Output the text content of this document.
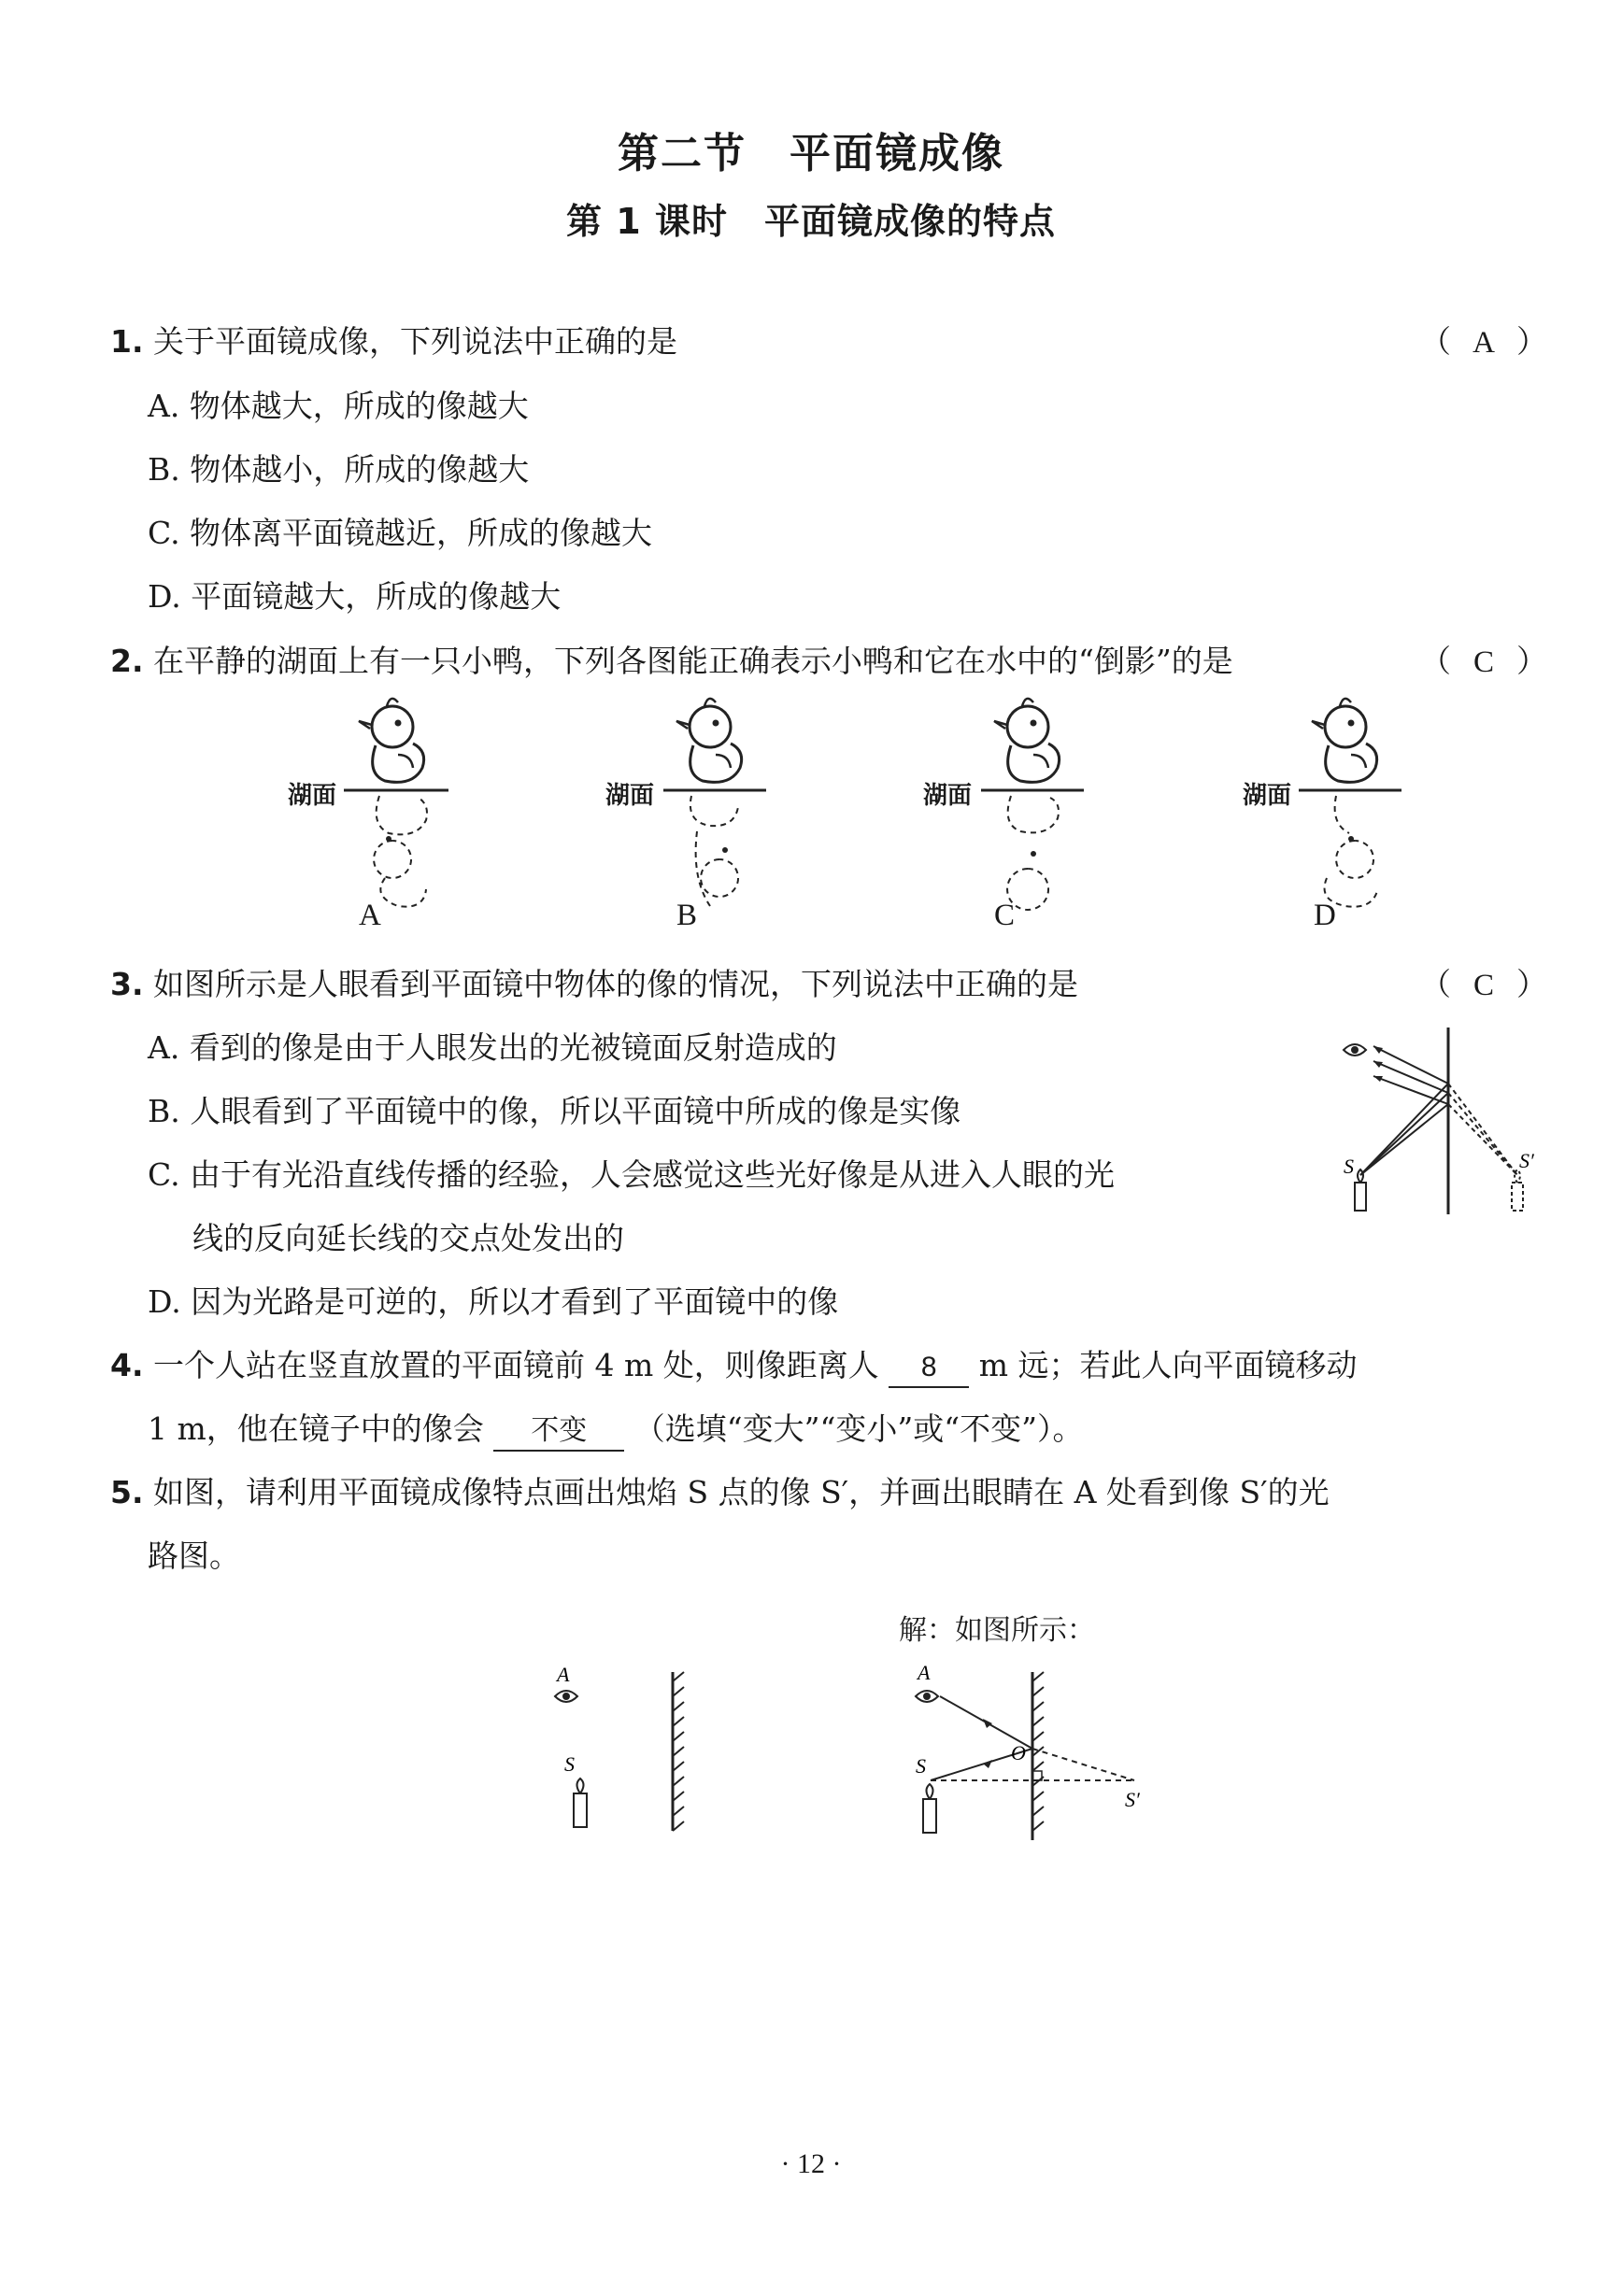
第二节　平面镜成像
第 1 课时　平面镜成像的特点
1. 关于平面镜成像，下列说法中正确的是	（ A ）
A. 物体越大，所成的像越大
B. 物体越小，所成的像越大
C. 物体离平面镜越近，所成的像越大
D. 平面镜越大，所成的像越大
2. 在平静的湖面上有一只小鸭，下列各图能正确表示小鸭和它在水中的“倒影”的是	（ C ）
湖面	湖面	湖面	湖面
A	B	C	D
3. 如图所示是人眼看到平面镜中物体的像的情况，下列说法中正确的是	（ C ）
A. 看到的像是由于人眼发出的光被镜面反射造成的
B. 人眼看到了平面镜中的像，所以平面镜中所成的像是实像
C. 由于有光沿直线传播的经验，人会感觉这些光好像是从进入人眼的光
线的反向延长线的交点处发出的
D. 因为光路是可逆的，所以才看到了平面镜中的像
S	S′
4. 一个人站在竖直放置的平面镜前 4 m 处，则像距离人 8 m 远；若此人向平面镜移动
1 m，他在镜子中的像会 不变 （选填“变大”“变小”或“不变”）。
5. 如图，请利用平面镜成像特点画出烛焰 S 点的像 S′，并画出眼睛在 A 处看到像 S′的光
路图。
解：如图所示：
A
S
A
S
O
S′
· 12 ·
